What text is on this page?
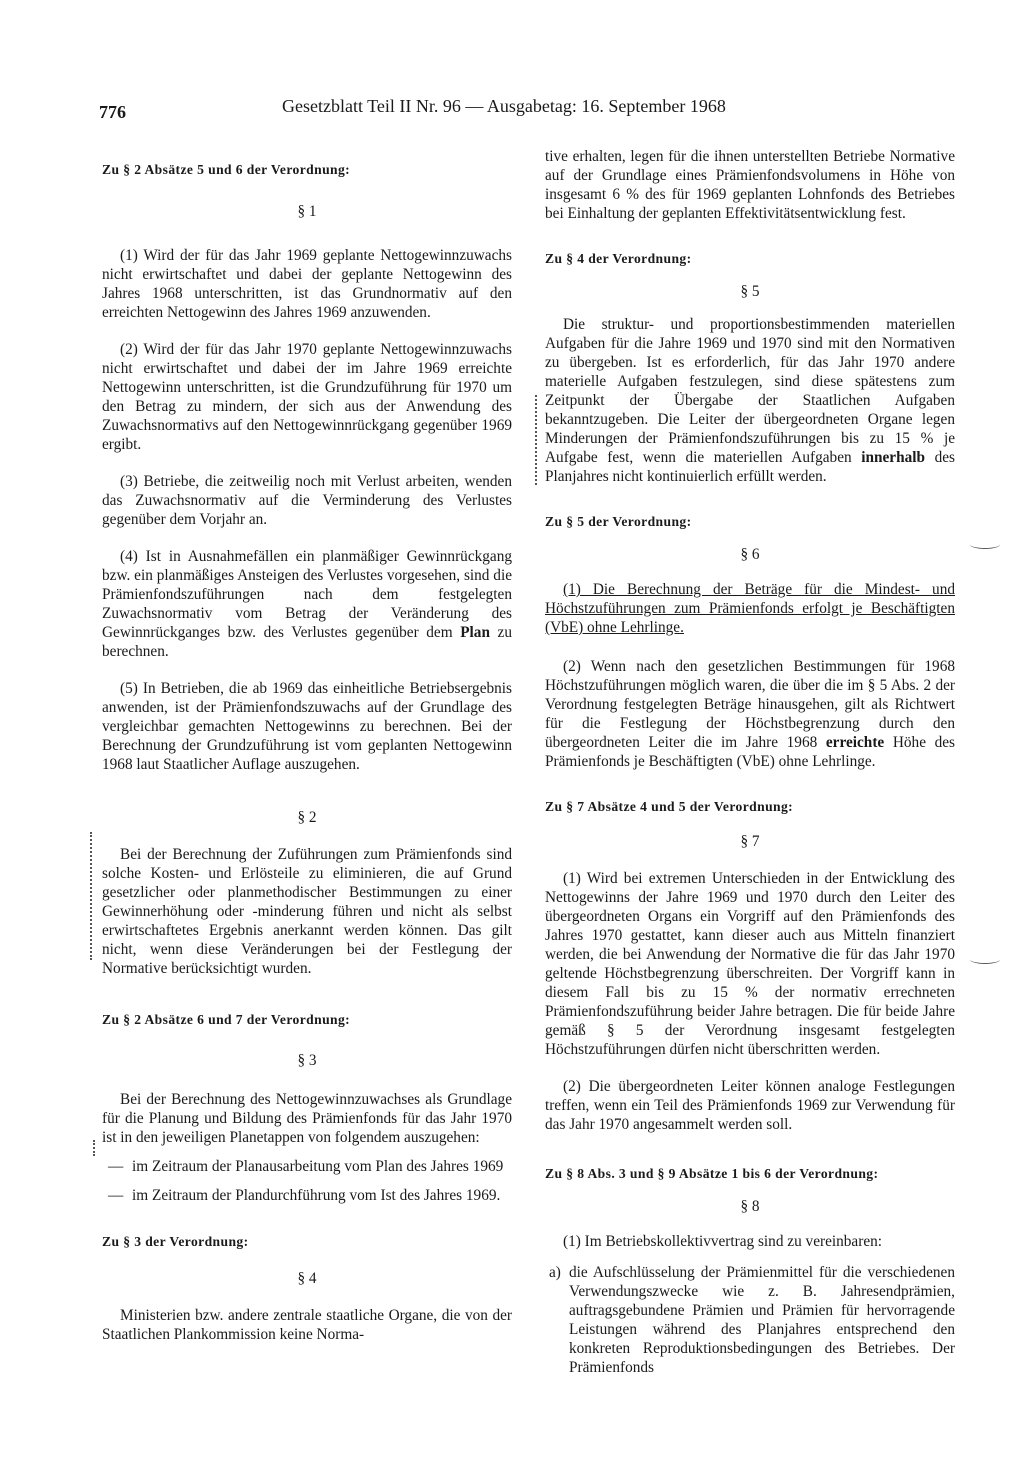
776	Gesetzblatt Teil II Nr. 96 — Ausgabetag: 16. September 1968

Zu § 2 Absätze 5 und 6 der Verordnung:

§ 1

(1) Wird der für das Jahr 1969 geplante Nettogewinnzuwachs nicht erwirtschaftet und dabei der geplante Nettogewinn des Jahres 1968 unterschritten, ist das Grundnormativ auf den erreichten Nettogewinn des Jahres 1969 anzuwenden.

(2) Wird der für das Jahr 1970 geplante Nettogewinnzuwachs nicht erwirtschaftet und dabei der im Jahre 1969 erreichte Nettogewinn unterschritten, ist die Grundzuführung für 1970 um den Betrag zu mindern, der sich aus der Anwendung des Zuwachsnormativs auf den Nettogewinnrückgang gegenüber 1969 ergibt.

(3) Betriebe, die zeitweilig noch mit Verlust arbeiten, wenden das Zuwachsnormativ auf die Verminderung des Verlustes gegenüber dem Vorjahr an.

(4) Ist in Ausnahmefällen ein planmäßiger Gewinnrückgang bzw. ein planmäßiges Ansteigen des Verlustes vorgesehen, sind die Prämienfondszuführungen nach dem festgelegten Zuwachsnormativ vom Betrag der Veränderung des Gewinnrückganges bzw. des Verlustes gegenüber dem Plan zu berechnen.

(5) In Betrieben, die ab 1969 das einheitliche Betriebsergebnis anwenden, ist der Prämienfondszuwachs auf der Grundlage des vergleichbar gemachten Nettogewinns zu berechnen. Bei der Berechnung der Grundzuführung ist vom geplanten Nettogewinn 1968 laut Staatlicher Auflage auszugehen.

§ 2

Bei der Berechnung der Zuführungen zum Prämienfonds sind solche Kosten- und Erlösteile zu eliminieren, die auf Grund gesetzlicher oder planmethodischer Bestimmungen zu einer Gewinnerhöhung oder -minderung führen und nicht als selbst erwirtschaftetes Ergebnis anerkannt werden können. Das gilt nicht, wenn diese Veränderungen bei der Festlegung der Normative berücksichtigt wurden.

Zu § 2 Absätze 6 und 7 der Verordnung:

§ 3

Bei der Berechnung des Nettogewinnzuwachses als Grundlage für die Planung und Bildung des Prämienfonds für das Jahr 1970 ist in den jeweiligen Planetappen von folgendem auszugehen:

— im Zeitraum der Planausarbeitung vom Plan des Jahres 1969

— im Zeitraum der Plandurchführung vom Ist des Jahres 1969.

Zu § 3 der Verordnung:

§ 4

Ministerien bzw. andere zentrale staatliche Organe, die von der Staatlichen Plankommission keine Norma-

tive erhalten, legen für die ihnen unterstellten Betriebe Normative auf der Grundlage eines Prämienfondsvolumens in Höhe von insgesamt 6 % des für 1969 geplanten Lohnfonds des Betriebes bei Einhaltung der geplanten Effektivitätsentwicklung fest.

Zu § 4 der Verordnung:

§ 5

Die struktur- und proportionsbestimmenden materiellen Aufgaben für die Jahre 1969 und 1970 sind mit den Normativen zu übergeben. Ist es erforderlich, für das Jahr 1970 andere materielle Aufgaben festzulegen, sind diese spätestens zum Zeitpunkt der Übergabe der Staatlichen Aufgaben bekanntzugeben. Die Leiter der übergeordneten Organe legen Minderungen der Prämienfondszuführungen bis zu 15 % je Aufgabe fest, wenn die materiellen Aufgaben innerhalb des Planjahres nicht kontinuierlich erfüllt werden.

Zu § 5 der Verordnung:

§ 6

(1) Die Berechnung der Beträge für die Mindest- und Höchstzuführungen zum Prämienfonds erfolgt je Beschäftigten (VbE) ohne Lehrlinge.

(2) Wenn nach den gesetzlichen Bestimmungen für 1968 Höchstzuführungen möglich waren, die über die im § 5 Abs. 2 der Verordnung festgelegten Beträge hinausgehen, gilt als Richtwert für die Festlegung der Höchstbegrenzung durch den übergeordneten Leiter die im Jahre 1968 erreichte Höhe des Prämienfonds je Beschäftigten (VbE) ohne Lehrlinge.

Zu § 7 Absätze 4 und 5 der Verordnung:

§ 7

(1) Wird bei extremen Unterschieden in der Entwicklung des Nettogewinns der Jahre 1969 und 1970 durch den Leiter des übergeordneten Organs ein Vorgriff auf den Prämienfonds des Jahres 1970 gestattet, kann dieser auch aus Mitteln finanziert werden, die bei Anwendung der Normative die für das Jahr 1970 geltende Höchstbegrenzung überschreiten. Der Vorgriff kann in diesem Fall bis zu 15 % der normativ errechneten Prämienfondszuführung beider Jahre betragen. Die für beide Jahre gemäß § 5 der Verordnung insgesamt festgelegten Höchstzuführungen dürfen nicht überschritten werden.

(2) Die übergeordneten Leiter können analoge Festlegungen treffen, wenn ein Teil des Prämienfonds 1969 zur Verwendung für das Jahr 1970 angesammelt werden soll.

Zu § 8 Abs. 3 und § 9 Absätze 1 bis 6 der Verordnung:

§ 8

(1) Im Betriebskollektivvertrag sind zu vereinbaren:

a) die Aufschlüsselung der Prämienmittel für die verschiedenen Verwendungszwecke wie z. B. Jahresendprämien, auftragsgebundene Prämien und Prämien für hervorragende Leistungen während des Planjahres entsprechend den konkreten Reproduktionsbedingungen des Betriebes. Der Prämienfonds
